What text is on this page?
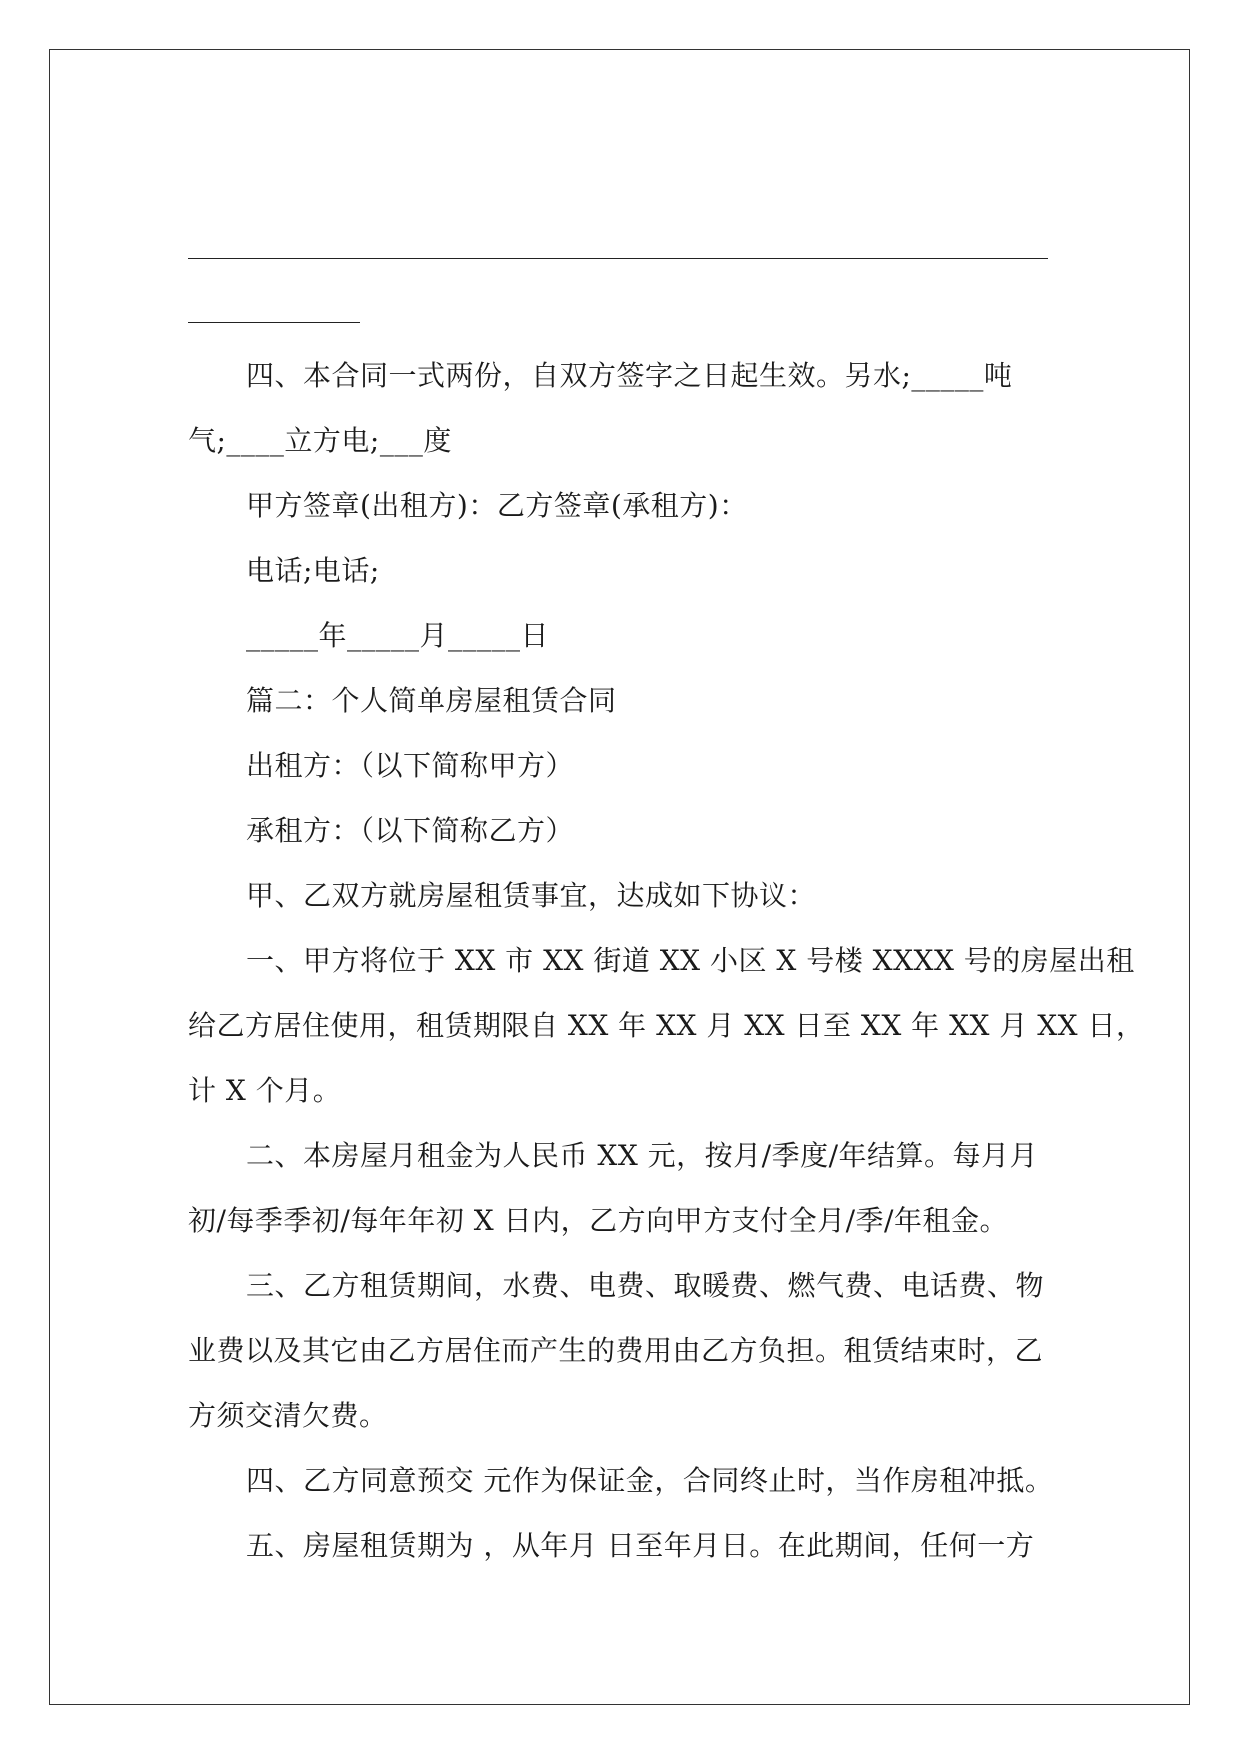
四、本合同一式两份，自双方签字之日起生效。另水;_____吨
气;____立方电;___度
甲方签章(出租方)：乙方签章(承租方)：
电话;电话;
_____年_____月_____日
篇二：个人简单房屋租赁合同
出租方：（以下简称甲方）
承租方：（以下简称乙方）
甲、乙双方就房屋租赁事宜，达成如下协议：
一、甲方将位于 XX 市 XX 街道 XX 小区 X 号楼 XXXX 号的房屋出租
给乙方居住使用，租赁期限自 XX 年 XX 月 XX 日至 XX 年 XX 月 XX 日，
计 X 个月。
二、本房屋月租金为人民币 XX 元，按月/季度/年结算。每月月
初/每季季初/每年年初 X 日内，乙方向甲方支付全月/季/年租金。
三、乙方租赁期间，水费、电费、取暖费、燃气费、电话费、物
业费以及其它由乙方居住而产生的费用由乙方负担。租赁结束时，乙
方须交清欠费。
四、乙方同意预交 元作为保证金，合同终止时，当作房租冲抵。
五、房屋租赁期为 ，从年月 日至年月日。在此期间，任何一方
